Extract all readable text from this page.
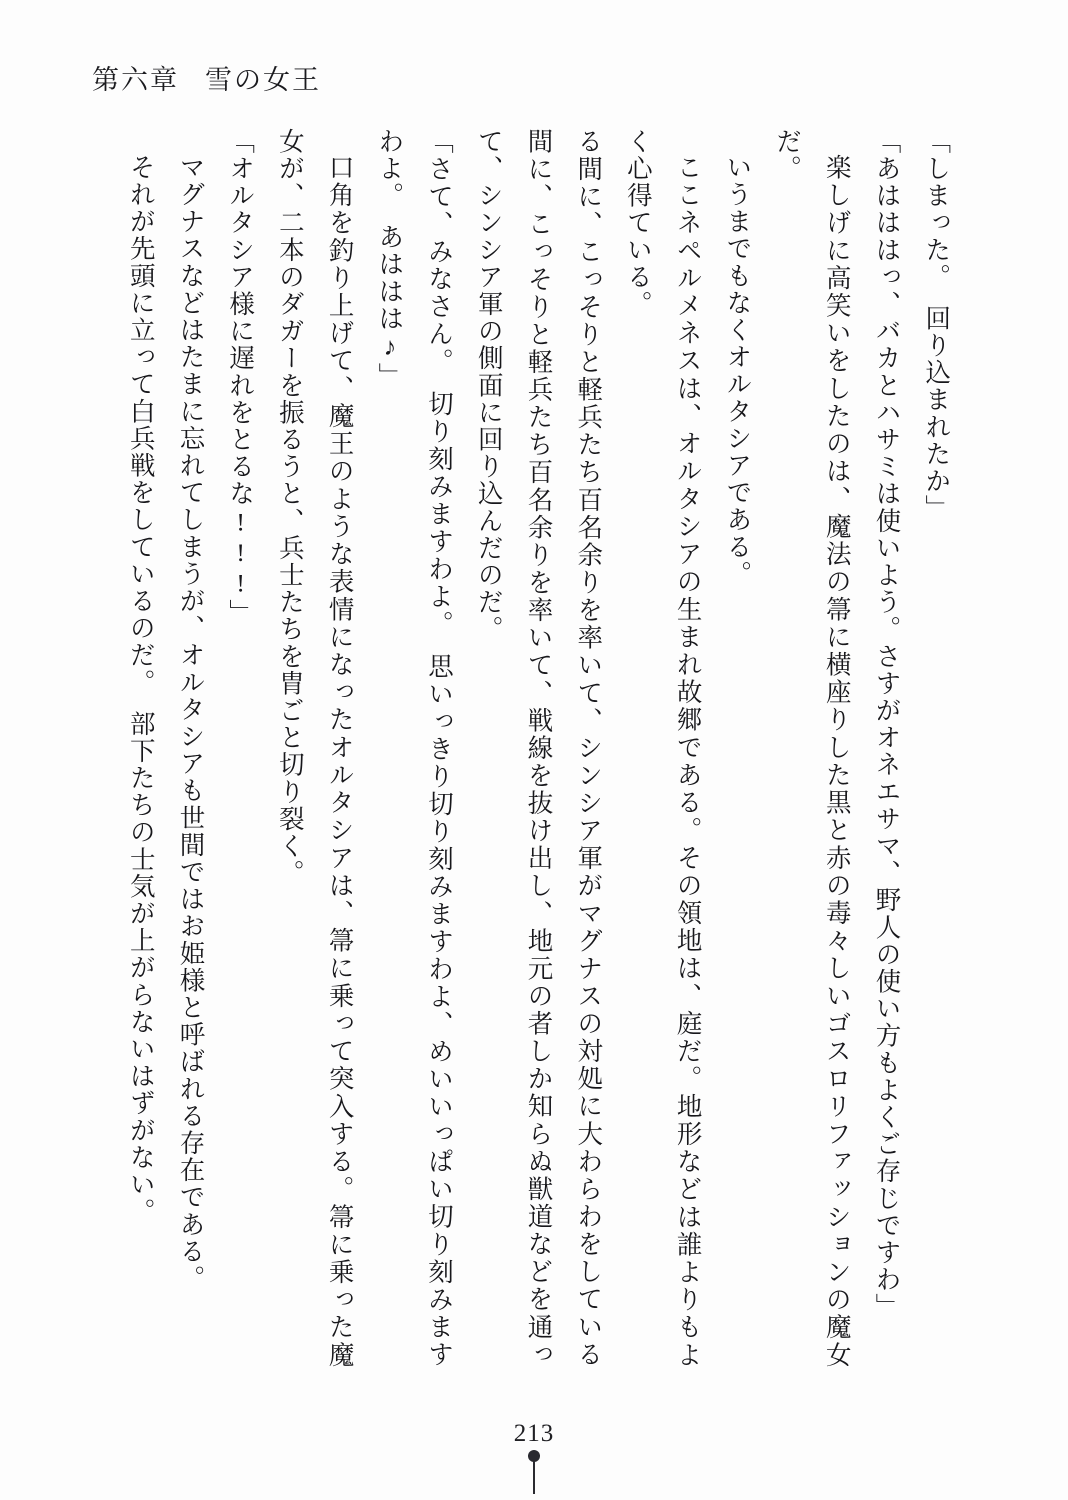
第六章 雪の女王

「しまった。　回り込まれたか」

「あはははっ、バカとハサミは使いよう。さすがオネエサマ、野人の使い方もよくご存じですわ」

楽しげに高笑いをしたのは、魔法の箒に横座りした黒と赤の毒々しいゴスロリファッションの魔女だ。

いうまでもなくオルタシアである。

ここネペルメネスは、オルタシアの生まれ故郷である。その領地は、庭だ。地形などは誰よりもよく心得ている。

る間に、こっそりと軽兵たち百名余りを率いて、シンシア軍がマグナスの対処に大わらわをしている間に、こっそりと軽兵たち百名余りを率いて、戦線を抜け出し、地元の者しか知らぬ獣道などを通って、シンシア軍の側面に回り込んだのだ。

「さて、みなさん。　切り刻みますわよ。　思いっきり切り刻みますわよ、めいいっぱい切り刻みますわよ。　あははは♪」

口角を釣り上げて、魔王のような表情になったオルタシアは、箒に乗って突入する。箒に乗った魔女が、二本のダガーを振るうと、兵士たちを胄ごと切り裂く。

「オルタシア様に遅れをとるな!!!」

マグナスなどはたまに忘れてしまうが、オルタシアも世間ではお姫様と呼ばれる存在である。

それが先頭に立って白兵戦をしているのだ。　部下たちの士気が上がらないはずがない。

213
